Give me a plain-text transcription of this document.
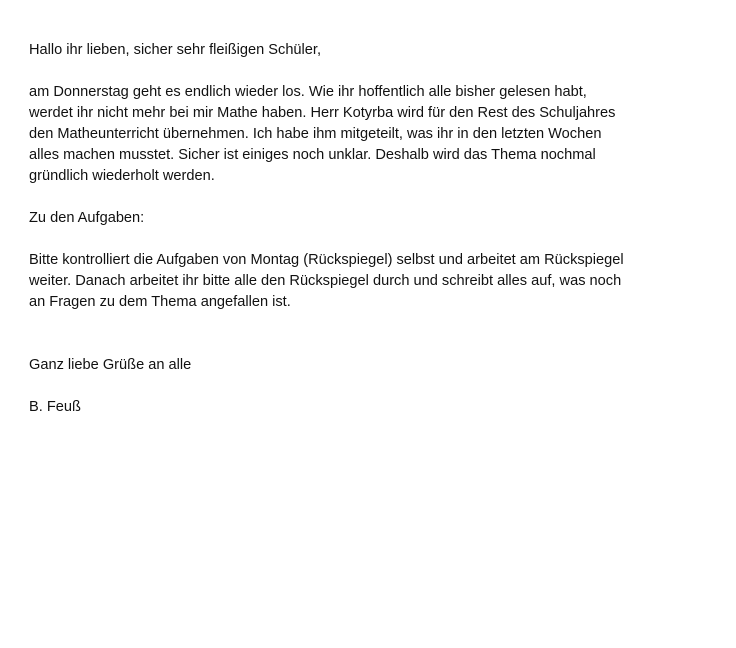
Hallo ihr lieben, sicher sehr fleißigen Schüler,

am Donnerstag geht es endlich wieder los. Wie ihr hoffentlich alle bisher gelesen habt,

werdet ihr nicht mehr bei mir Mathe haben. Herr Kotyrba wird für den Rest des Schuljahres

den Matheunterricht übernehmen. Ich habe ihm mitgeteilt, was ihr in den letzten Wochen

alles machen musstet. Sicher ist einiges noch unklar. Deshalb wird das Thema nochmal

gründlich wiederholt werden.

Zu den Aufgaben:

Bitte kontrolliert die Aufgaben von Montag (Rückspiegel) selbst und arbeitet am Rückspiegel

weiter. Danach arbeitet ihr bitte alle den Rückspiegel durch und schreibt alles auf, was noch

an Fragen zu dem Thema angefallen ist.

Ganz liebe Grüße an alle

B. Feuß
